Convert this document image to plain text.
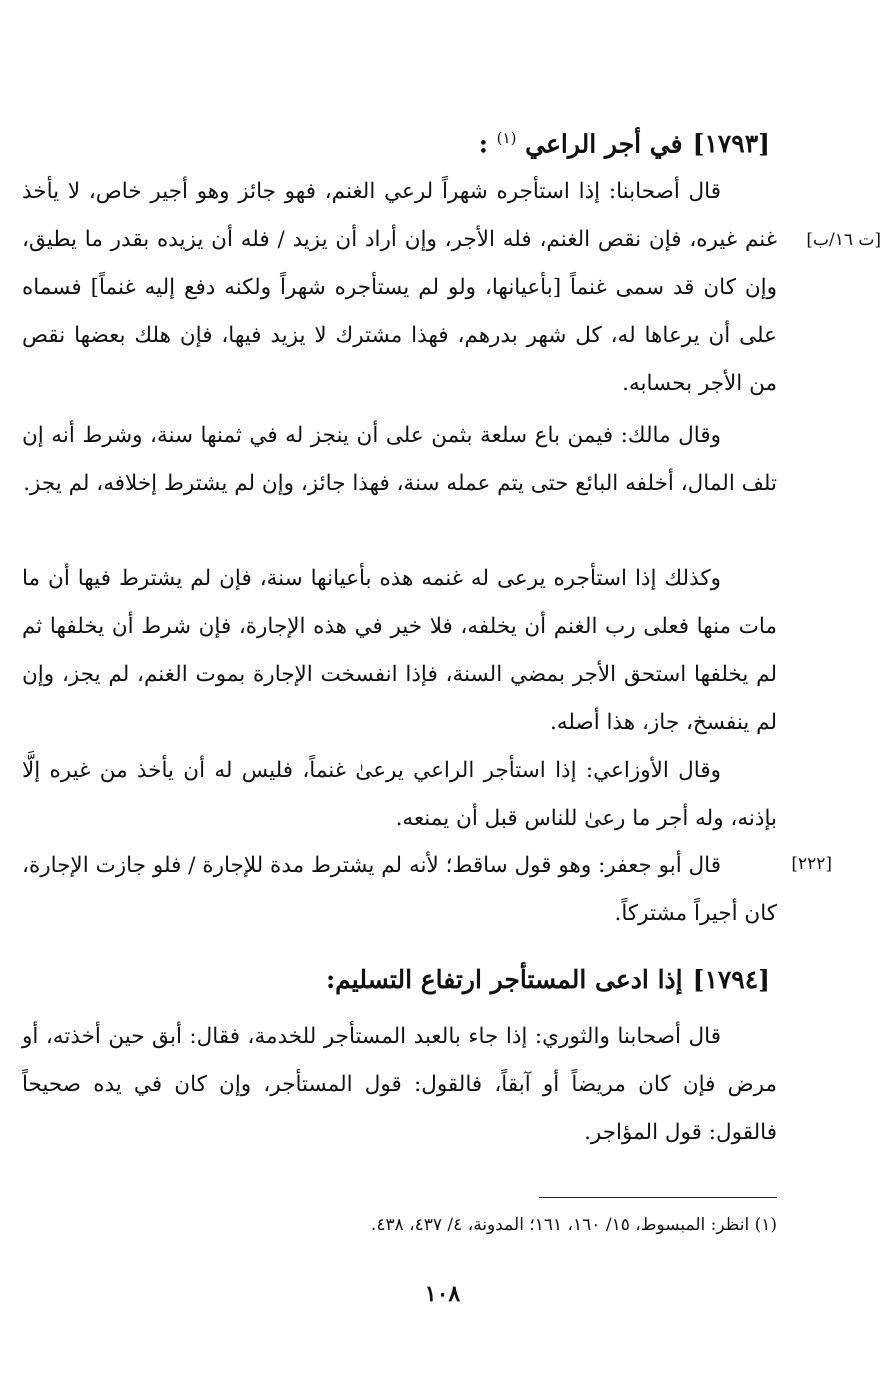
[١٧٩٣]في أجر الراعي $^{(١)}$ :

قال أصحابنا: إذا استأجره شهراً لرعي الغنم، فهو جائز وهو أجير خاص، لا يأخذ غنم غيره، فإن نقص الغنم، فله الأجر، وإن أراد أن يزيد / فله أن يزيده بقدر ما يطيق، وإن كان قد سمى غنماً [بأعيانها، ولو لم يستأجره شهراً ولكنه دفع إليه غنماً] فسماه على أن يرعاها له، كل شهر بدرهم، فهذا مشترك لا يزيد فيها، فإن هلك بعضها نقص من الأجر بحسابه.

[ت ١٦/ب]

وقال مالك: فيمن باع سلعة بثمن على أن ينجز له في ثمنها سنة، وشرط أنه إن تلف المال، أخلفه البائع حتى يتم عمله سنة، فهذا جائز، وإن لم يشترط إخلافه، لم يجز.

وكذلك إذا استأجره يرعى له غنمه هذه بأعيانها سنة، فإن لم يشترط فيها أن ما مات منها فعلى رب الغنم أن يخلفه، فلا خير في هذه الإجارة، فإن شرط أن يخلفها ثم لم يخلفها استحق الأجر بمضي السنة، فإذا انفسخت الإجارة بموت الغنم، لم يجز، وإن لم ينفسخ، جاز، هذا أصله.

وقال الأوزاعي: إذا استأجر الراعي يرعىٰ غنماً، فليس له أن يأخذ من غيره إلَّا بإذنه، وله أجر ما رعىٰ للناس قبل أن يمنعه.

[٢٢٢]

قال أبو جعفر: وهو قول ساقط؛ لأنه لم يشترط مدة للإجارة / فلو جازت الإجارة، كان أجيراً مشتركاً.

[١٧٩٤]إذا ادعى المستأجر ارتفاع التسليم:

قال أصحابنا والثوري: إذا جاء بالعبد المستأجر للخدمة، فقال: أبق حين أخذته، أو مرض فإن كان مريضاً أو آبقاً، فالقول: قول المستأجر، وإن كان في يده صحيحاً فالقول: قول المؤاجر.

(١) انظر: المبسوط، ١٥/ ١٦٠، ١٦١؛ المدونة، ٤/ ٤٣٧، ٤٣٨.
١٠٨
